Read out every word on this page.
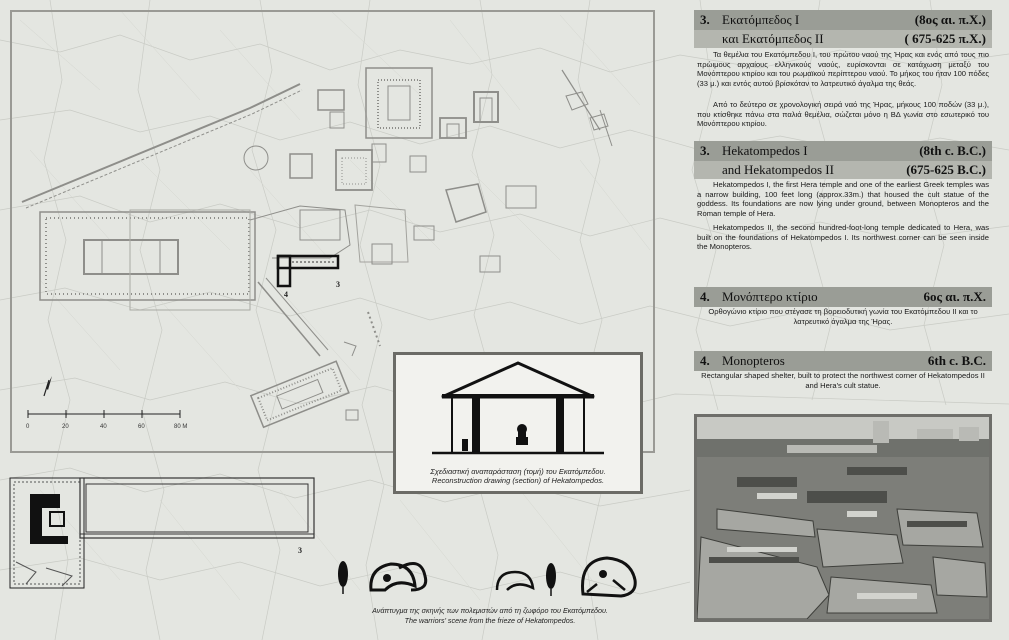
0	20	40	60	80 M
4
3
Σχεδιαστική αναπαράσταση (τομή) του Εκατόμπεδου.
Reconstruction drawing (section) of Hekatompedos.
3
Ανάπτυγμα της σκηνής των πολεμιστών από τη ζωφόρο του Εκατόμπεδου.
The warriors' scene from the frieze of Hekatompedos.
3. Εκατόμπεδος Ι	(8ος αι. π.Χ.)
και Εκατόμπεδος ΙΙ	( 675-625 π.Χ.)

Τα θεμέλια του Εκατόμπεδου Ι, του πρώτου ναού της Ήρας και ενός από τους πιο πρώιμους αρχαίους ελληνικούς ναούς, ευρίσκονται σε κατάχωση μεταξύ του Μονόπτερου κτιρίου και του ρωμαϊκού περίπτερου ναού. Το μήκος του ήταν 100 πόδες (33 μ.) και εντός αυτού βρίσκόταν το λατρευτικό άγαλμα της θεάς.

Από το δεύτερο σε χρονολογική σειρά ναό της Ήρας, μήκους 100 ποδών (33 μ.), που κτίσθηκε πάνω στα παλιά θεμέλια, σώζεται μόνο η ΒΔ γωνία στο εσωτερικό του Μονόπτερου κτιρίου.

3. Hekatompedos I	(8th c. B.C.)
and Hekatompedos II	(675-625 B.C.)

Hekatompedos I, the first Hera temple and one of the earliest Greek temples was a narrow building, 100 feet long (approx.33m.) that housed the cult statue of the goddess. Its foundations are now lying under ground, between Monopteros and the Roman temple of Hera.

Hekatompedos II, the second hundred-foot-long temple dedicated to Hera, was built on the foundations of Hekatompedos I. Its northwest corner can be seen inside the Monopteros.

4. Μονόπτερο κτίριο	6ος αι. π.Χ.

Ορθογώνιο κτίριο που στέγασε τη βορειοδυτική γωνία του Εκατόμπεδου ΙΙ και το λατρευτικό άγαλμα της Ήρας.

4. Monopteros	6th c. B.C.

Rectangular shaped shelter, built to protect the northwest corner of Hekatompedos II and Hera's cult statue.
